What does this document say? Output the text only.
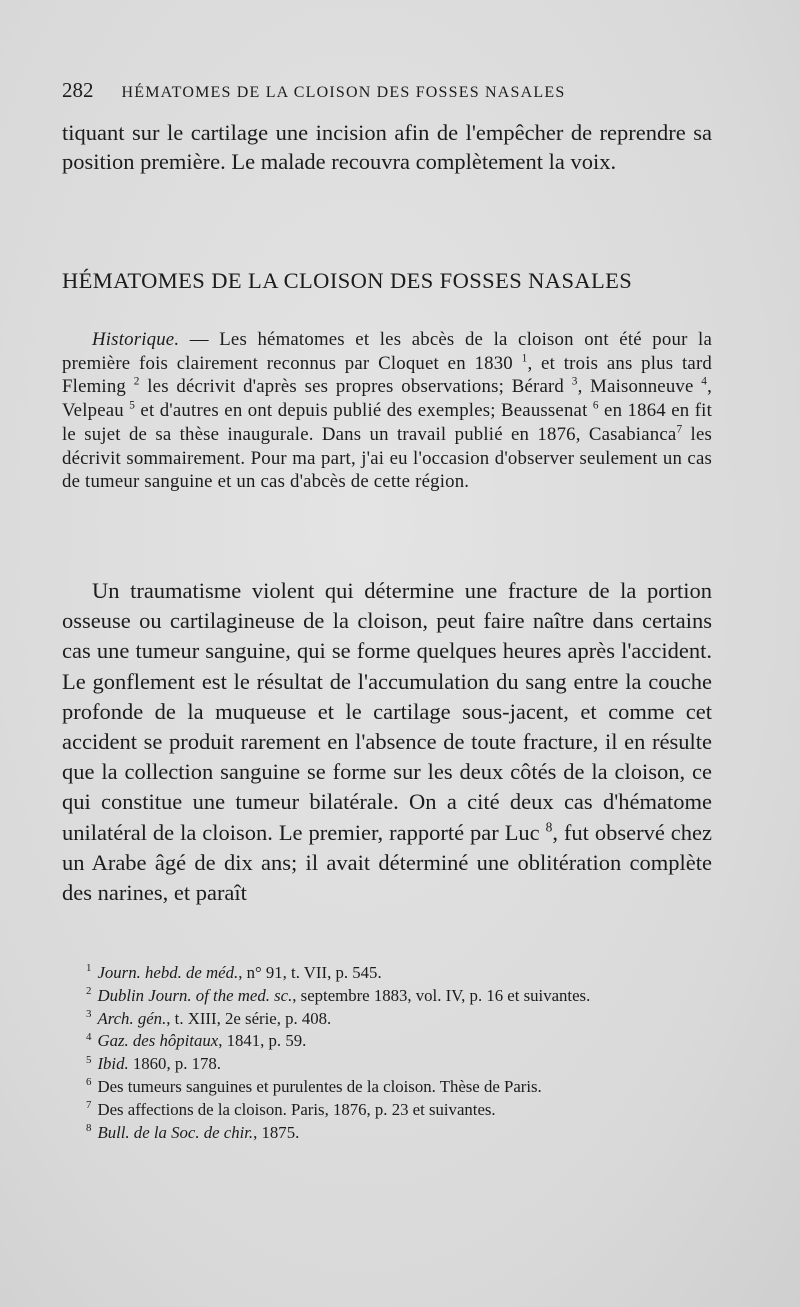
282 HÉMATOMES DE LA CLOISON DES FOSSES NASALES
tiquant sur le cartilage une incision afin de l'empêcher de reprendre sa position première. Le malade recouvra complètement la voix.
HÉMATOMES DE LA CLOISON DES FOSSES NASALES
Historique. — Les hématomes et les abcès de la cloison ont été pour la première fois clairement reconnus par Cloquet en 1830 $^1$, et trois ans plus tard Fleming $^2$ les décrivit d'après ses propres observations; Bérard $^3$, Maisonneuve $^4$, Velpeau $^5$ et d'autres en ont depuis publié des exemples; Beaussenat $^6$ en 1864 en fit le sujet de sa thèse inaugurale. Dans un travail publié en 1876, Casabianca$^7$ les décrivit sommairement. Pour ma part, j'ai eu l'occasion d'observer seulement un cas de tumeur sanguine et un cas d'abcès de cette région.
Un traumatisme violent qui détermine une fracture de la portion osseuse ou cartilagineuse de la cloison, peut faire naître dans certains cas une tumeur sanguine, qui se forme quelques heures après l'accident. Le gonflement est le résultat de l'accumulation du sang entre la couche profonde de la muqueuse et le cartilage sous-jacent, et comme cet accident se produit rarement en l'absence de toute fracture, il en résulte que la collection sanguine se forme sur les deux côtés de la cloison, ce qui constitue une tumeur bilatérale. On a cité deux cas d'hématome unilatéral de la cloison. Le premier, rapporté par Luc $^8$, fut observé chez un Arabe âgé de dix ans; il avait déterminé une oblitération complète des narines, et paraît

$^1$ Journ. hebd. de méd., n° 91, t. VII, p. 545.

$^2$ Dublin Journ. of the med. sc., septembre 1883, vol. IV, p. 16 et suivantes.

$^3$ Arch. gén., t. XIII, 2e série, p. 408.

$^4$ Gaz. des hôpitaux, 1841, p. 59.

$^5$ Ibid. 1860, p. 178.

$^6$ Des tumeurs sanguines et purulentes de la cloison. Thèse de Paris.

$^7$ Des affections de la cloison. Paris, 1876, p. 23 et suivantes.

$^8$ Bull. de la Soc. de chir., 1875.
